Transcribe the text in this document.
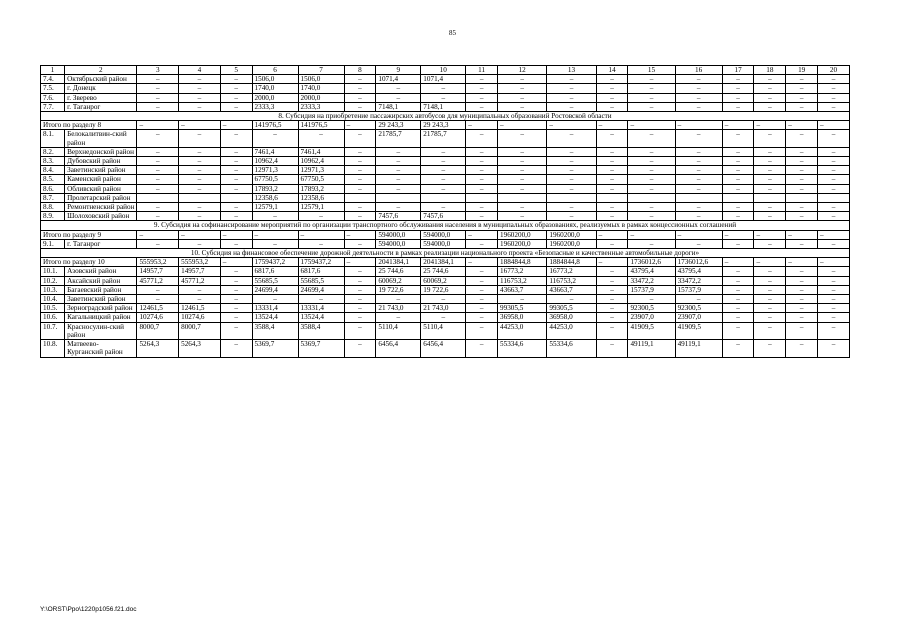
85
1	2	3	4	5	6	7	8	9	10	11	12	13	14	15	16	17	18	19	20
7.4.	Октябрьский район	–	–	–	1506,0	1506,0	–	1071,4	1071,4	–	–	–	–	–	–	–	–	–	–
7.5.	г. Донецк	–	–	–	1740,0	1740,0	–	–	–	–	–	–	–	–	–	–	–	–	–
7.6.	г. Зверево	–	–	–	2000,0	2000,0	–	–	–	–	–	–	–	–	–	–	–	–	–
7.7.	г. Таганрог	–	–	–	2333,3	2333,3	–	7148,1	7148,1	–	–	–	–	–	–	–	–	–	–
8. Субсидия на приобретение пассажирских автобусов для муниципальных образований Ростовской области																			
Итого по разделу 8		–	–	–	141976,5	141976,5	–	29 243,3	29 243,3	–	–	–	–	–	–	–	–	–	–
8.1.	Белокалитвин-ский район	–	–	–	–	–	–	21785,7	21785,7	–	–	–	–	–	–	–	–	–	–
8.2.	Верхнедонской район	–	–	–	7461,4	7461,4	–	–	–	–	–	–	–	–	–	–	–	–	–
8.3.	Дубовский район	–	–	–	10962,4	10962,4	–	–	–	–	–	–	–	–	–	–	–	–	–
8.4.	Заветинский район	–	–	–	12971,3	12971,3	–	–	–	–	–	–	–	–	–	–	–	–	–
8.5.	Каменский район	–	–	–	67750,5	67750,5	–	–	–	–	–	–	–	–	–	–	–	–	–
8.6.	Обливский район	–	–	–	17893,2	17893,2	–	–	–	–	–	–	–	–	–	–	–	–	–
8.7.	Пролетарский район				12358,6	12358,6													
8.8.	Ремонтненский район	–	–	–	12579,1	12579,1	–	–	–	–	–	–	–	–	–	–	–	–	–
8.9.	Шолоховский район	–	–	–	–	–	–	7457,6	7457,6	–	–	–	–	–	–	–	–	–	–
9. Субсидия на софинансирование мероприятий по организации транспортного обслуживания населения в муниципальных образованиях, реализуемых в рамках концессионных соглашений																			
Итого по разделу 9		–	–	–	–	–	–	594000,0	594000,0	–	1960200,0	1960200,0	–	–	–	–	–	–	–
9.1.	г. Таганрог	–	–	–	–	–	–	594000,0	594000,0	–	1960200,0	1960200,0	–	–	–	–	–	–	–
10. Субсидия на финансовое обеспечение дорожной деятельности в рамках реализации национального проекта «Безопасные и качественные автомобильные дороги»																			
Итого по разделу 10		555953,2	555953,2	–	1759437,2	1759437,2	–	2041384,1	2041384,1	–	1884844,8	1884844,8	–	1736012,6	1736012,6	–	–	–	–
10.1.	Азовский район	14957,7	14957,7	–	6817,6	6817,6	–	25 744,6	25 744,6	–	16773,2	16773,2	–	43795,4	43795,4	–	–	–	–
10.2.	Аксайский район	45771,2	45771,2	–	55685,5	55685,5	–	60069,2	60069,2	–	116753,2	116753,2	–	33472,2	33472,2	–	–	–	–
10.3.	Багаевский район	–	–	–	24699,4	24699,4	–	19 722,6	19 722,6	–	43663,7	43663,7	–	15737,9	15737,9	–	–	–	–
10.4.	Заветинский район	–	–	–	–	–	–	–	–	–	–	–	–	–	–	–	–	–	–
10.5.	Зерноградский район	12461,5	12461,5	–	13331,4	13331,4	–	21 743,0	21 743,0	–	99305,5	99305,5	–	92300,5	92300,5	–	–	–	–
10.6.	Кагальницкий район	10274,6	10274,6	–	13524,4	13524,4	–	–	–	–	36958,0	36958,0	–	23907,0	23907,0	–	–	–	–
10.7.	Красносулин-ский район	8000,7	8000,7	–	3588,4	3588,4	–	5110,4	5110,4	–	44253,0	44253,0	–	41909,5	41909,5	–	–	–	–
10.8.	Матвеево-Курганский район	5264,3	5264,3	–	5369,7	5369,7	–	6456,4	6456,4	–	55334,6	55334,6	–	49119,1	49119,1	–	–	–	–
Y:\ORST\Ppo\1220p1056.f21.doc
